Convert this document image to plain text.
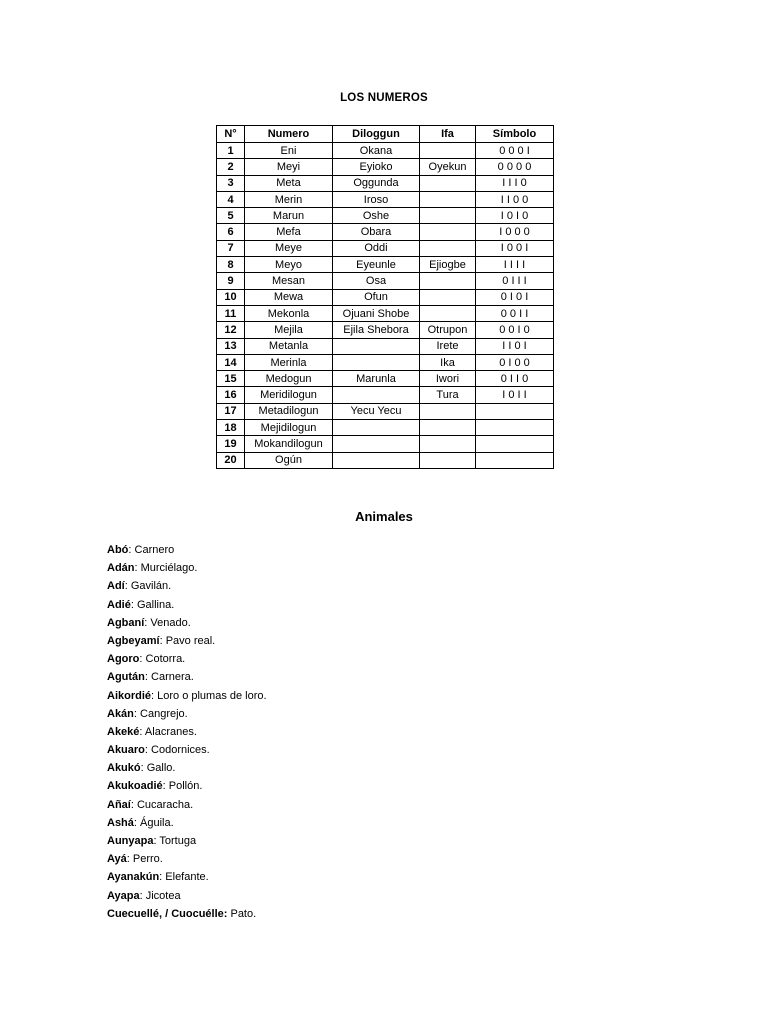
LOS NUMEROS
N°	Numero	Diloggun	Ifa	Símbolo
1	Eni	Okana		0 0 0 I
2	Meyi	Eyioko	Oyekun	0 0 0 0
3	Meta	Oggunda		I I I 0
4	Merin	Iroso		I I 0 0
5	Marun	Oshe		I 0 I 0
6	Mefa	Obara		I 0 0 0
7	Meye	Oddi		I 0 0 I
8	Meyo	Eyeunle	Ejiogbe	I I I I
9	Mesan	Osa		0 I I I
10	Mewa	Ofun		0 I 0 I
11	Mekonla	Ojuani Shobe		0 0 I I
12	Mejila	Ejila Shebora	Otrupon	0 0 I 0
13	Metanla		Irete	I I 0 I
14	Merinla		Ika	0 I 0 0
15	Medogun	Marunla	Iwori	0 I I 0
16	Meridilogun		Tura	I 0 I I
17	Metadilogun	Yecu Yecu		
18	Mejidilogun			
19	Mokandilogun			
20	Ogún			
Animales
Abó: Carnero
Adán: Murciélago.
Adí: Gavilán.
Adié: Gallina.
Agbaní: Venado.
Agbeyamí: Pavo real.
Agoro: Cotorra.
Agután: Carnera.
Aikordié: Loro o plumas de loro.
Akán: Cangrejo.
Akeké: Alacranes.
Akuaro: Codornices.
Akukó: Gallo.
Akukoadié: Pollón.
Añaí: Cucaracha.
Ashá: Águila.
Aunyapa: Tortuga
Ayá: Perro.
Ayanakún: Elefante.
Ayapa: Jicotea
Cuecuellé, / Cuocuélle: Pato.
